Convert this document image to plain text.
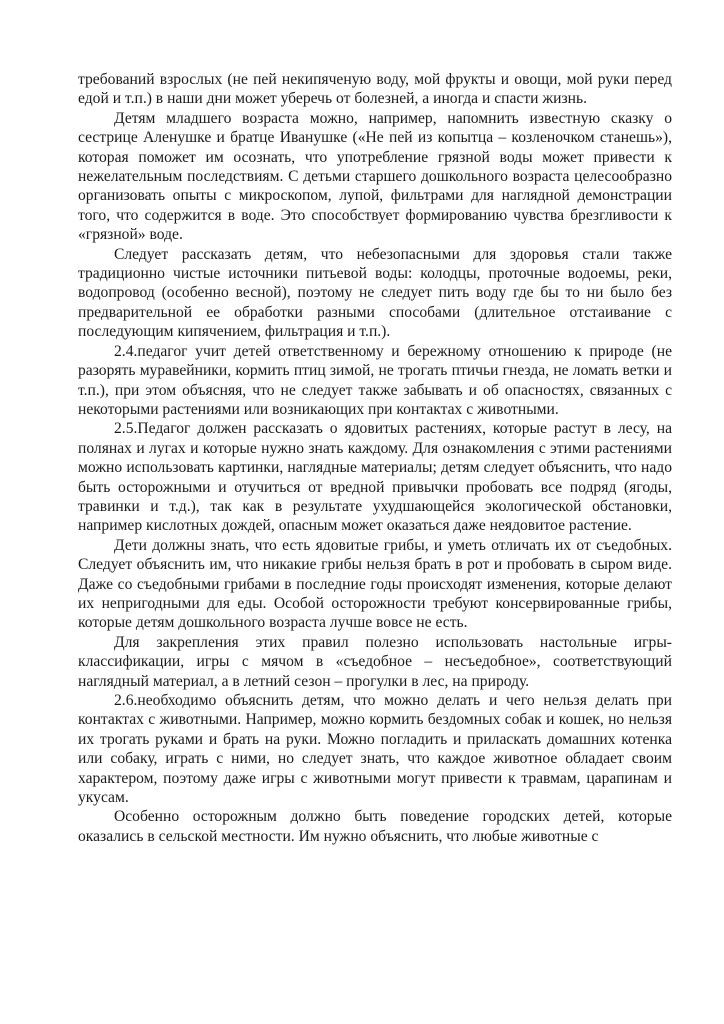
требований взрослых (не пей некипяченую воду, мой фрукты и овощи, мой руки перед едой и т.п.) в наши дни может уберечь от болезней, а иногда и спасти жизнь.

Детям младшего возраста можно, например, напомнить известную сказку о сестрице Аленушке и братце Иванушке («Не пей из копытца – козленочком станешь»), которая поможет им осознать, что употребление грязной воды может привести к нежелательным последствиям. С детьми старшего дошкольного возраста целесообразно организовать опыты с микроскопом, лупой, фильтрами для наглядной демонстрации того, что содержится в воде. Это способствует формированию чувства брезгливости к «грязной» воде.

Следует рассказать детям, что небезопасными для здоровья стали также традиционно чистые источники питьевой воды: колодцы, проточные водоемы, реки, водопровод (особенно весной), поэтому не следует пить воду где бы то ни было без предварительной ее обработки разными способами (длительное отстаивание с последующим кипячением, фильтрация и т.п.).

2.4.педагог учит детей ответственному и бережному отношению к природе (не разорять муравейники, кормить птиц зимой, не трогать птичьи гнезда, не ломать ветки и т.п.), при этом объясняя, что не следует также забывать и об опасностях, связанных с некоторыми растениями или возникающих при контактах с животными.

2.5.Педагог должен рассказать о ядовитых растениях, которые растут в лесу, на полянах и лугах и которые нужно знать каждому. Для ознакомления с этими растениями можно использовать картинки, наглядные материалы; детям следует объяснить, что надо быть осторожными и отучиться от вредной привычки пробовать все подряд (ягоды, травинки и т.д.), так как в результате ухудшающейся экологической обстановки, например кислотных дождей, опасным может оказаться даже неядовитое растение.

Дети должны знать, что есть ядовитые грибы, и уметь отличать их от съедобных. Следует объяснить им, что никакие грибы нельзя брать в рот и пробовать в сыром виде. Даже со съедобными грибами в последние годы происходят изменения, которые делают их непригодными для еды. Особой осторожности требуют консервированные грибы, которые детям дошкольного возраста лучше вовсе не есть.

Для закрепления этих правил полезно использовать настольные игры-классификации, игры с мячом в «съедобное – несъедобное», соответствующий наглядный материал, а в летний сезон – прогулки в лес, на природу.

2.6.необходимо объяснить детям, что можно делать и чего нельзя делать при контактах с животными. Например, можно кормить бездомных собак и кошек, но нельзя их трогать руками и брать на руки. Можно погладить и приласкать домашних котенка или собаку, играть с ними, но следует знать, что каждое животное обладает своим характером, поэтому даже игры с животными могут привести к травмам, царапинам и укусам.

Особенно осторожным должно быть поведение городских детей, которые оказались в сельской местности. Им нужно объяснить, что любые животные с
